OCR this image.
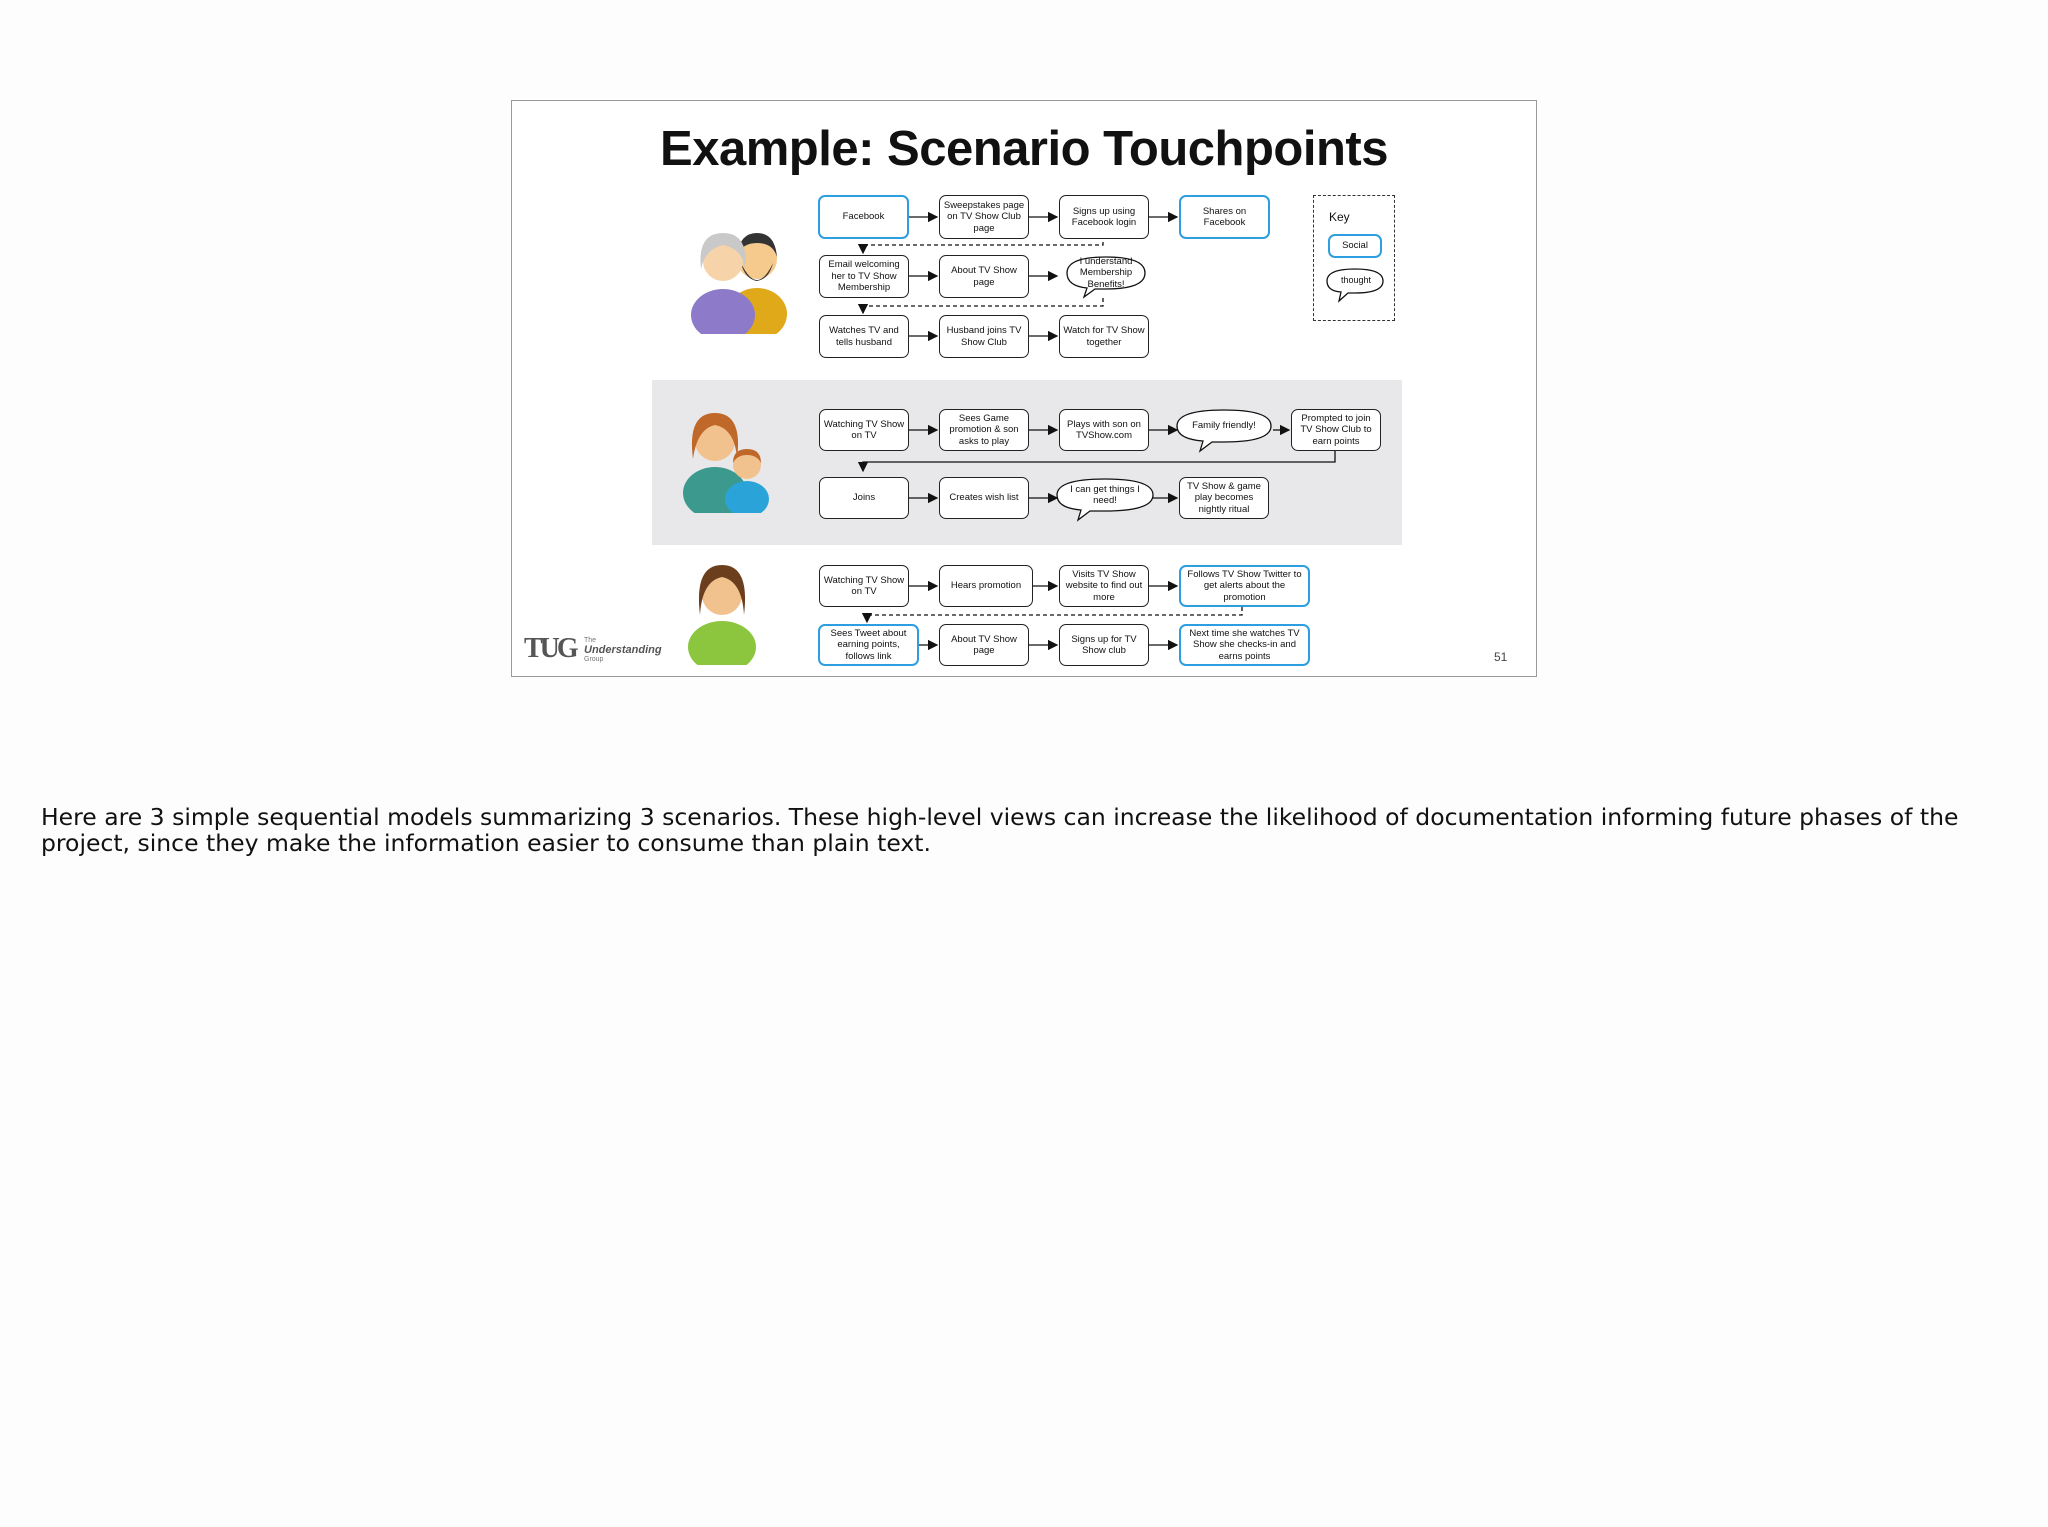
Example: Scenario Touchpoints
Facebook
Sweepstakes page on TV Show Club page
Signs up using Facebook login
Shares on Facebook
Email welcoming her to TV Show Membership
About TV Show page
I understand Membership Benefits!
Watches TV and tells husband
Husband joins TV Show Club
Watch for TV Show together
Key
Social
thought
Watching TV Show on TV
Sees Game promotion & son asks to play
Plays with son on TVShow.com
Family friendly!
Prompted to join TV Show Club to earn points
Joins	Creates wish list
I can get things I need!
TV Show & game play becomes nightly ritual
Watching TV Show on TV
Hears promotion
Visits TV Show website to find out more
Follows TV Show Twitter to get alerts about the promotion
Sees Tweet about earning points, follows link
About TV Show page
Signs up for TV Show club
Next time she watches TV Show she checks-in and earns points
TUG The
Understanding
Group	51
Here are 3 simple sequential models summarizing 3 scenarios. These high-level views can increase the likelihood of documentation informing future phases of the project, since they make the information easier to consume than plain text.
